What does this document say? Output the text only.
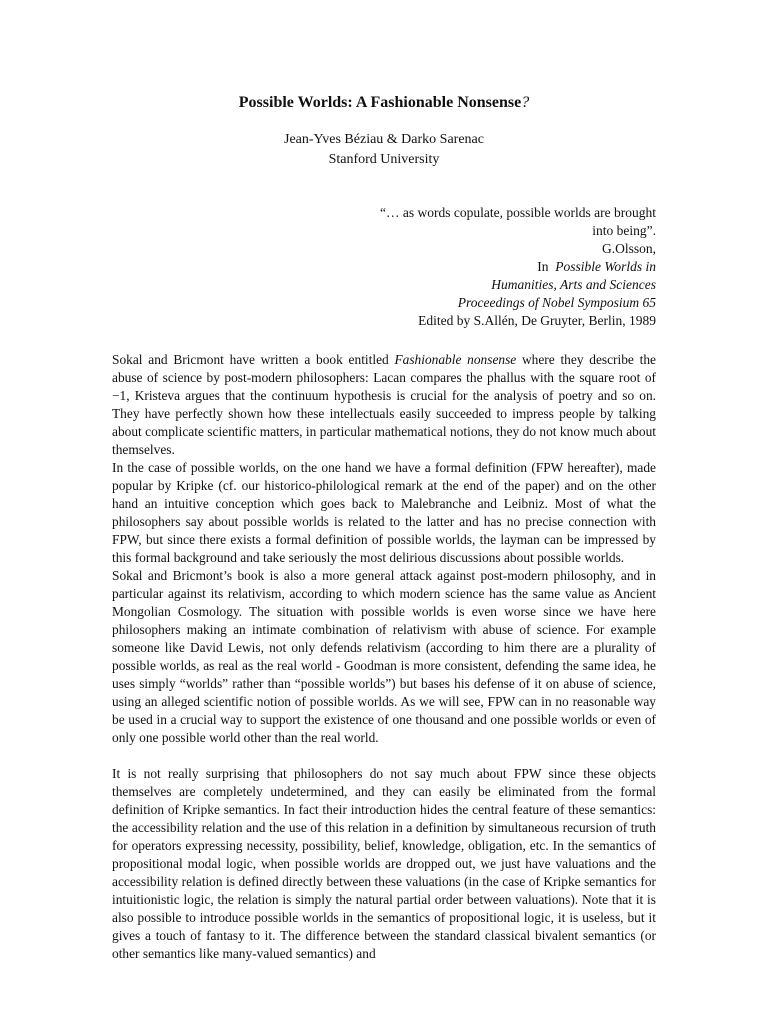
Possible Worlds: A Fashionable Nonsense?
Jean-Yves Béziau & Darko Sarenac
Stanford University
“… as words copulate, possible worlds are brought
into being”.
G.Olsson,
In Possible Worlds in
Humanities, Arts and Sciences
Proceedings of Nobel Symposium 65
Edited by S.Allén, De Gruyter, Berlin, 1989

Sokal and Bricmont have written a book entitled Fashionable nonsense where they describe the abuse of science by post-modern philosophers: Lacan compares the phallus with the square root of −1, Kristeva argues that the continuum hypothesis is crucial for the analysis of poetry and so on. They have perfectly shown how these intellectuals easily succeeded to impress people by talking about complicate scientific matters, in particular mathematical notions, they do not know much about themselves.

In the case of possible worlds, on the one hand we have a formal definition (FPW hereafter), made popular by Kripke (cf. our historico-philological remark at the end of the paper) and on the other hand an intuitive conception which goes back to Malebranche and Leibniz. Most of what the philosophers say about possible worlds is related to the latter and has no precise connection with FPW, but since there exists a formal definition of possible worlds, the layman can be impressed by this formal background and take seriously the most delirious discussions about possible worlds.

Sokal and Bricmont’s book is also a more general attack against post-modern philosophy, and in particular against its relativism, according to which modern science has the same value as Ancient Mongolian Cosmology. The situation with possible worlds is even worse since we have here philosophers making an intimate combination of relativism with abuse of science. For example someone like David Lewis, not only defends relativism (according to him there are a plurality of possible worlds, as real as the real world - Goodman is more consistent, defending the same idea, he uses simply “worlds” rather than “possible worlds”) but bases his defense of it on abuse of science, using an alleged scientific notion of possible worlds. As we will see, FPW can in no reasonable way be used in a crucial way to support the existence of one thousand and one possible worlds or even of only one possible world other than the real world.

It is not really surprising that philosophers do not say much about FPW since these objects themselves are completely undetermined, and they can easily be eliminated from the formal definition of Kripke semantics. In fact their introduction hides the central feature of these semantics: the accessibility relation and the use of this relation in a definition by simultaneous recursion of truth for operators expressing necessity, possibility, belief, knowledge, obligation, etc. In the semantics of propositional modal logic, when possible worlds are dropped out, we just have valuations and the accessibility relation is defined directly between these valuations (in the case of Kripke semantics for intuitionistic logic, the relation is simply the natural partial order between valuations). Note that it is also possible to introduce possible worlds in the semantics of propositional logic, it is useless, but it gives a touch of fantasy to it. The difference between the standard classical bivalent semantics (or other semantics like many-valued semantics) and
